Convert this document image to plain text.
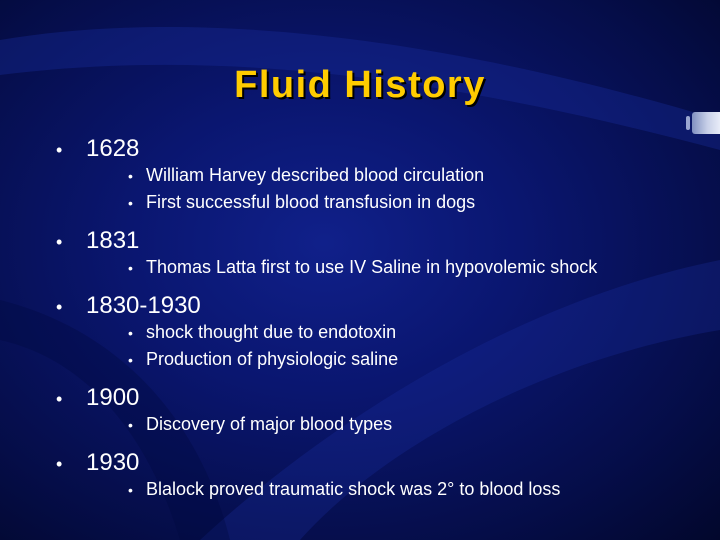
Fluid History
• 1628
• William Harvey described blood circulation
• First successful blood transfusion in dogs
• 1831
• Thomas Latta first to use IV Saline in hypovolemic shock
• 1830-1930
• shock thought due to endotoxin
• Production of physiologic saline
• 1900
• Discovery of major blood types
• 1930
• Blalock proved traumatic shock was 2° to blood loss
